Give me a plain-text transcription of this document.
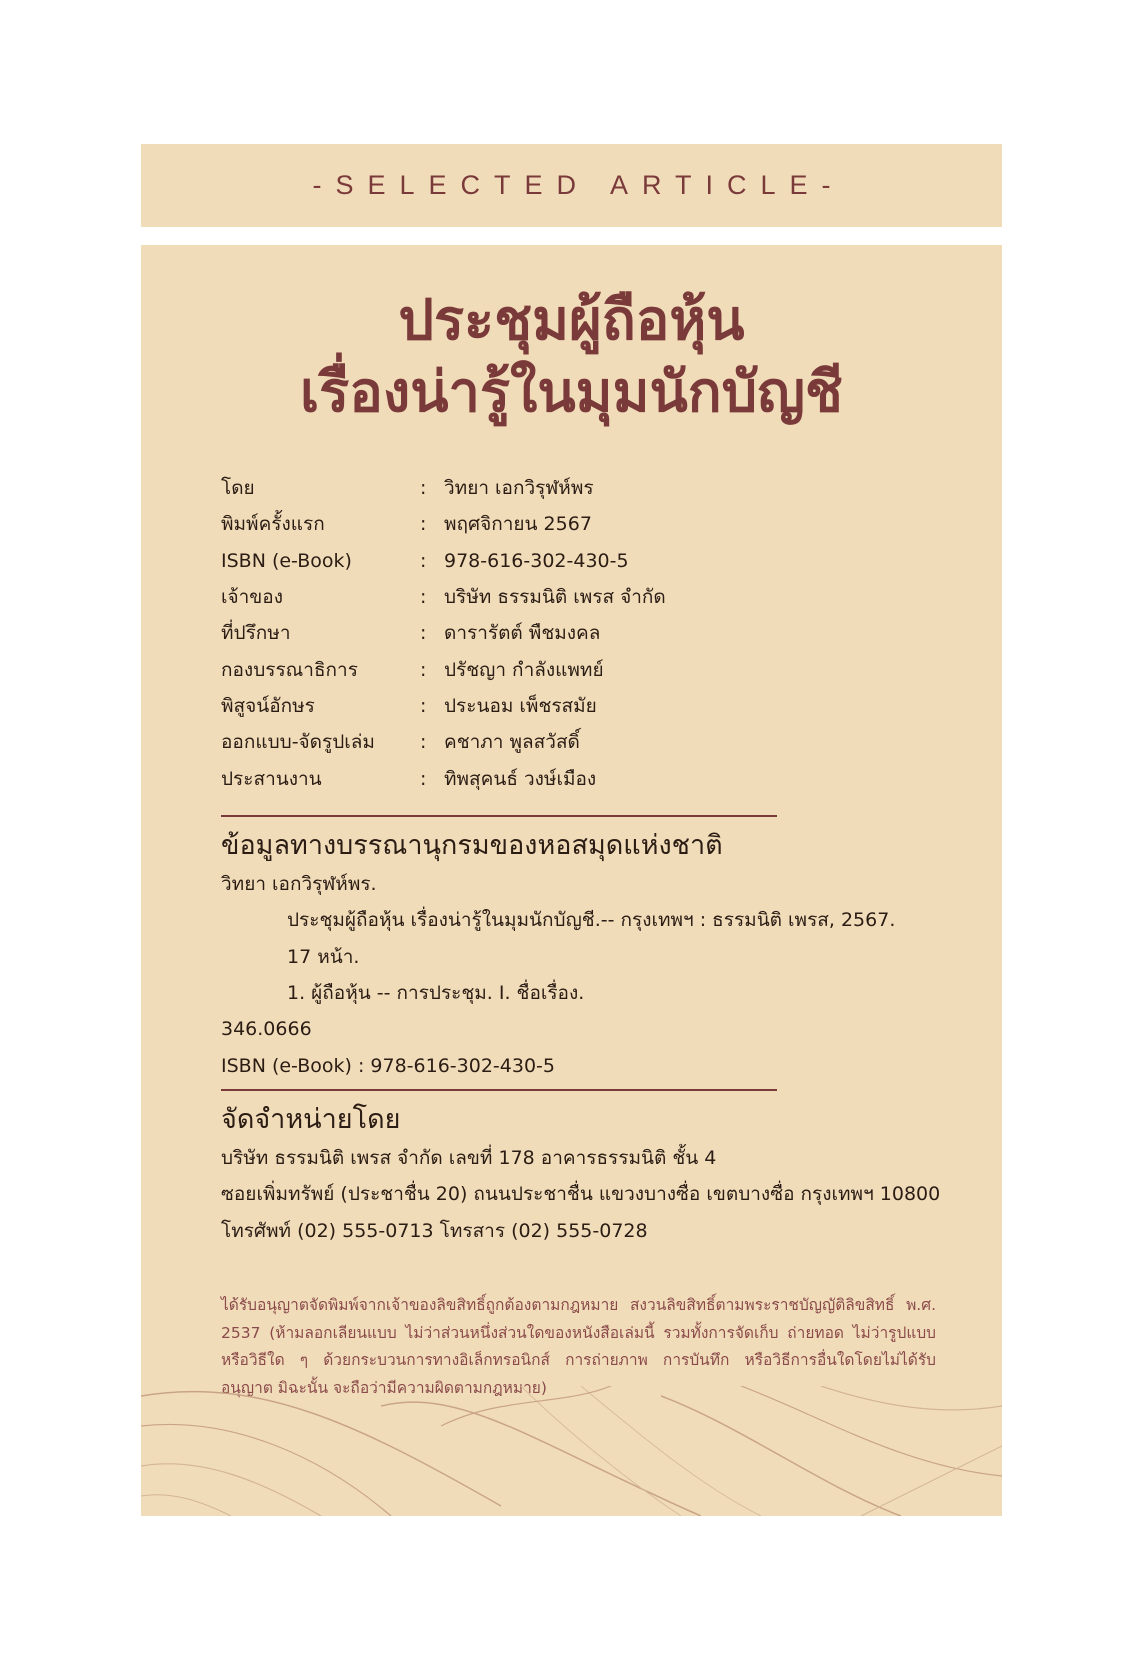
-SELECTED ARTICLE-
ประชุมผู้ถือหุ้น
เรื่องน่ารู้ในมุมนักบัญชี
โดย	: วิทยา เอกวิรุฬห์พร
พิมพ์ครั้งแรก	: พฤศจิกายน 2567
ISBN (e-Book)	: 978-616-302-430-5
เจ้าของ	: บริษัท ธรรมนิติ เพรส จำกัด
ที่ปรึกษา	: ดารารัตต์ พืชมงคล
กองบรรณาธิการ	: ปรัชญา กำลังแพทย์
พิสูจน์อักษร	: ประนอม เพ็ชรสมัย
ออกแบบ-จัดรูปเล่ม	: คชาภา พูลสวัสดิ์
ประสานงาน	: ทิพสุคนธ์ วงษ์เมือง
ข้อมูลทางบรรณานุกรมของหอสมุดแห่งชาติ
วิทยา เอกวิรุฬห์พร.
ประชุมผู้ถือหุ้น เรื่องน่ารู้ในมุมนักบัญชี.-- กรุงเทพฯ : ธรรมนิติ เพรส, 2567.
17 หน้า.
1. ผู้ถือหุ้น -- การประชุม. I. ชื่อเรื่อง.
346.0666
ISBN (e-Book) : 978-616-302-430-5
จัดจำหน่ายโดย
บริษัท ธรรมนิติ เพรส จำกัด เลขที่ 178 อาคารธรรมนิติ ชั้น 4
ซอยเพิ่มทรัพย์ (ประชาชื่น 20) ถนนประชาชื่น แขวงบางซื่อ เขตบางซื่อ กรุงเทพฯ 10800
โทรศัพท์ (02) 555-0713 โทรสาร (02) 555-0728
ได้รับอนุญาตจัดพิมพ์จากเจ้าของลิขสิทธิ์ถูกต้องตามกฎหมาย สงวนลิขสิทธิ์ตามพระราชบัญญัติลิขสิทธิ์ พ.ศ. 2537 (ห้ามลอกเลียนแบบ ไม่ว่าส่วนหนึ่งส่วนใดของหนังสือเล่มนี้ รวมทั้งการจัดเก็บ ถ่ายทอด ไม่ว่ารูปแบบหรือวิธีใด ๆ ด้วยกระบวนการทางอิเล็กทรอนิกส์ การถ่ายภาพ การบันทึก หรือวิธีการอื่นใดโดยไม่ได้รับอนุญาต มิฉะนั้น จะถือว่ามีความผิดตามกฎหมาย)
